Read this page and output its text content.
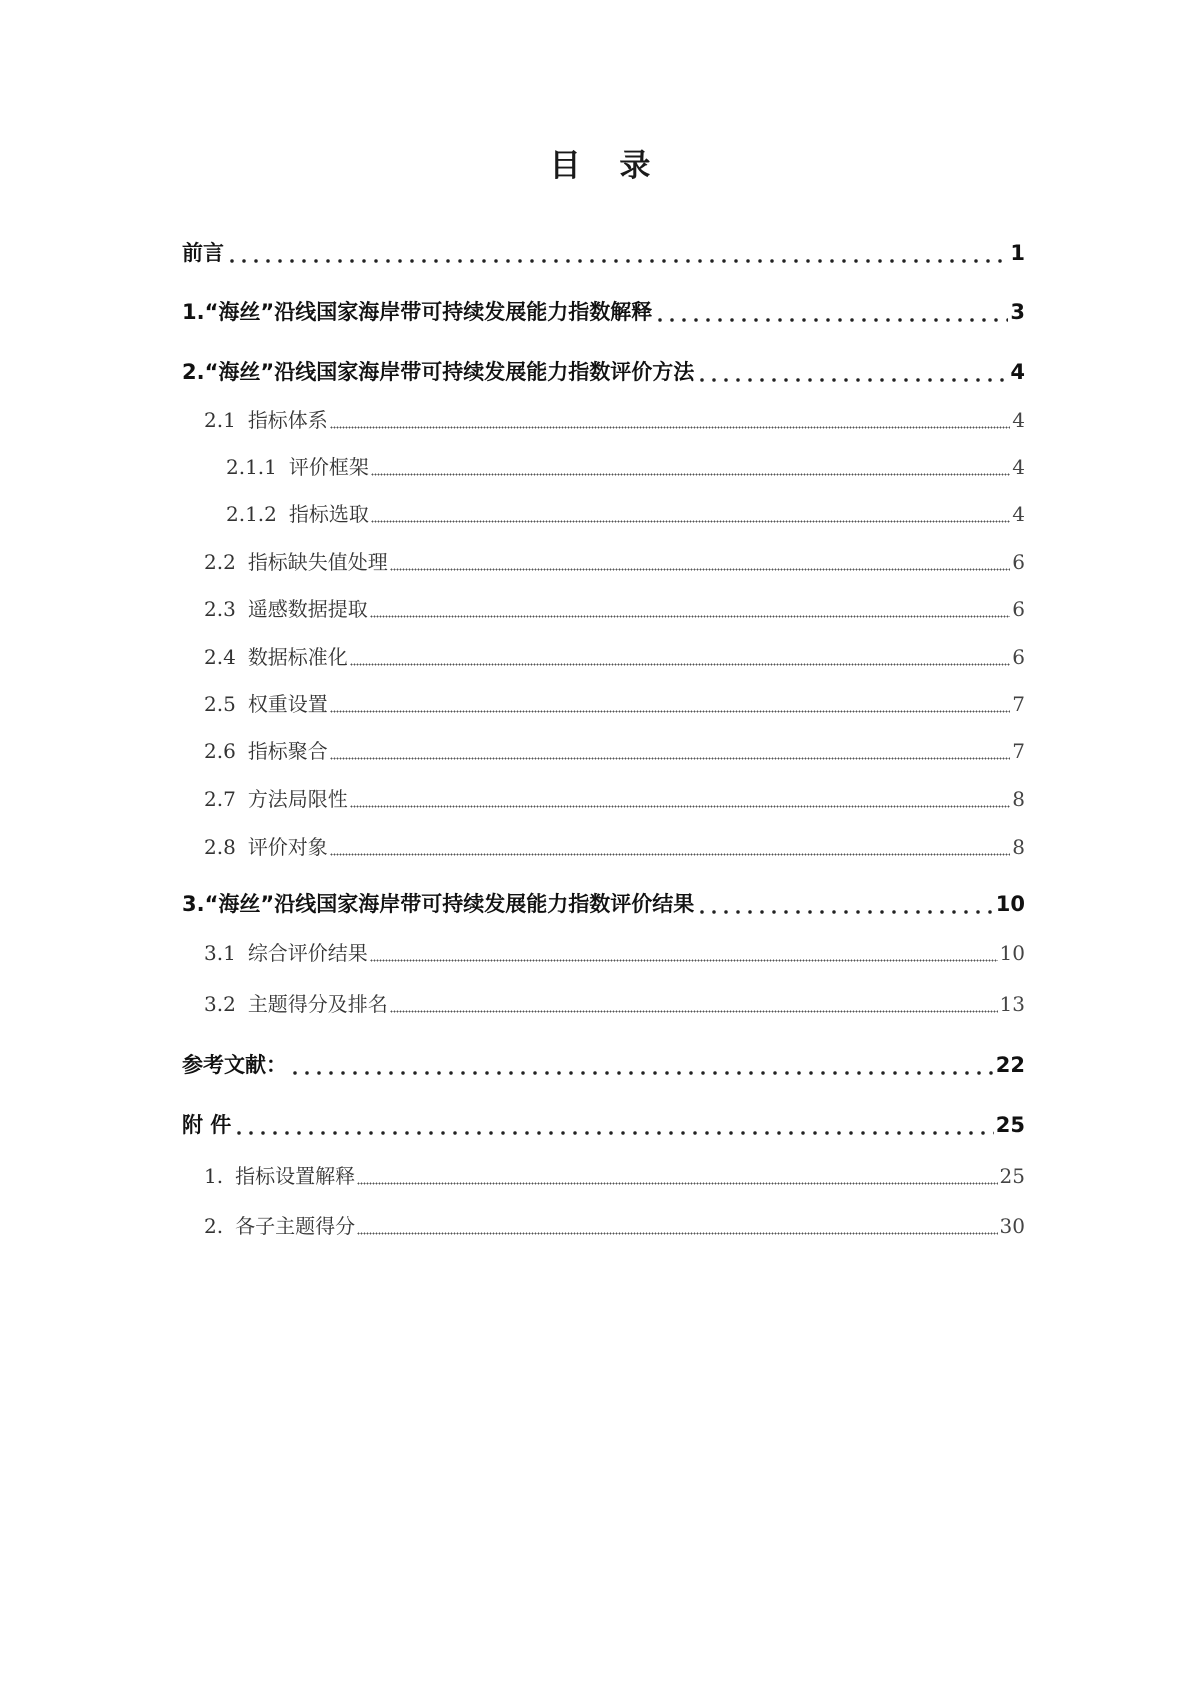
目 录
前言	1
1.“海丝”沿线国家海岸带可持续发展能力指数解释	3
2.“海丝”沿线国家海岸带可持续发展能力指数评价方法	4
2.1 指标体系	4
2.1.1 评价框架	4
2.1.2 指标选取	4
2.2 指标缺失值处理	6
2.3 遥感数据提取	6
2.4 数据标准化	6
2.5 权重设置	7
2.6 指标聚合	7
2.7 方法局限性	8
2.8 评价对象	8
3.“海丝”沿线国家海岸带可持续发展能力指数评价结果	10
3.1 综合评价结果	10
3.2 主题得分及排名	13
参考文献：	22
附 件	25
1. 指标设置解释	25
2. 各子主题得分	30
